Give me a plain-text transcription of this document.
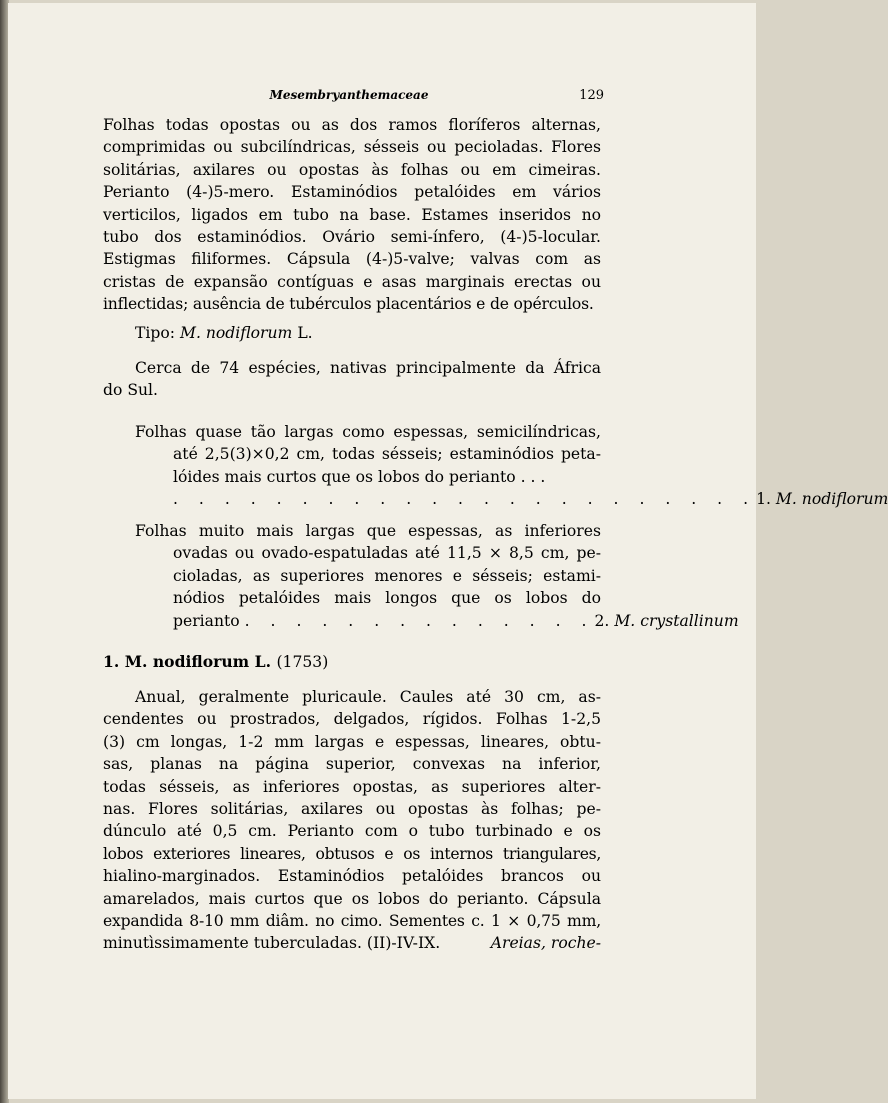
Mesembryanthemaceae	129

Folhas todas opostas ou as dos ramos floríferos alternas,

comprimidas ou subcilíndricas, sésseis ou pecioladas. Flores

solitárias, axilares ou opostas às folhas ou em cimeiras.

Perianto (4-)5-mero. Estaminódios petalóides em vários

verticilos, ligados em tubo na base. Estames inseridos no

tubo dos estaminódios. Ovário semi-ínfero, (4-)5-locular.

Estigmas filiformes. Cápsula (4-)5-valve; valvas com as

cristas de expansão contíguas e asas marginais erectas ou

inflectidas; ausência de tubérculos placentários e de opérculos.

Tipo: M. nodiflorum L.

Cerca de 74 espécies, nativas principalmente da África

do Sul.

Folhas quase tão largas como espessas, semicilíndricas,

até 2,5(3)×0,2 cm, todas sésseis; estaminódios peta-

lóides mais curtos que os lobos do perianto . . .

. . . . . . . . . . . . . . . . . . . . . . . 1.
M. nodiflorum

Folhas muito mais largas que espessas, as inferiores

ovadas ou ovado-espatuladas até 11,5 × 8,5 cm, pe-

cioladas, as superiores menores e sésseis; estami-

nódios petalóides mais longos que os lobos do

perianto
. . . . . . . . . . . . . . 2.
M. crystallinum
1. M. nodiflorum L. (1753)

Anual, geralmente pluricaule. Caules até 30 cm, as-

cendentes ou prostrados, delgados, rígidos. Folhas 1-2,5

(3) cm longas, 1-2 mm largas e espessas, lineares, obtu-

sas, planas na página superior, convexas na inferior,

todas sésseis, as inferiores opostas, as superiores alter-

nas. Flores solitárias, axilares ou opostas às folhas; pe-

dúnculo até 0,5 cm. Perianto com o tubo turbinado e os

lobos exteriores lineares, obtusos e os internos triangulares,

hialino-marginados. Estaminódios petalóides brancos ou

amarelados, mais curtos que os lobos do perianto. Cápsula

expandida 8-10 mm diâm. no cimo. Sementes c. 1 × 0,75 mm,

minutìssimamente tuberculadas. (II)-IV-IX.	Areias, roche-
